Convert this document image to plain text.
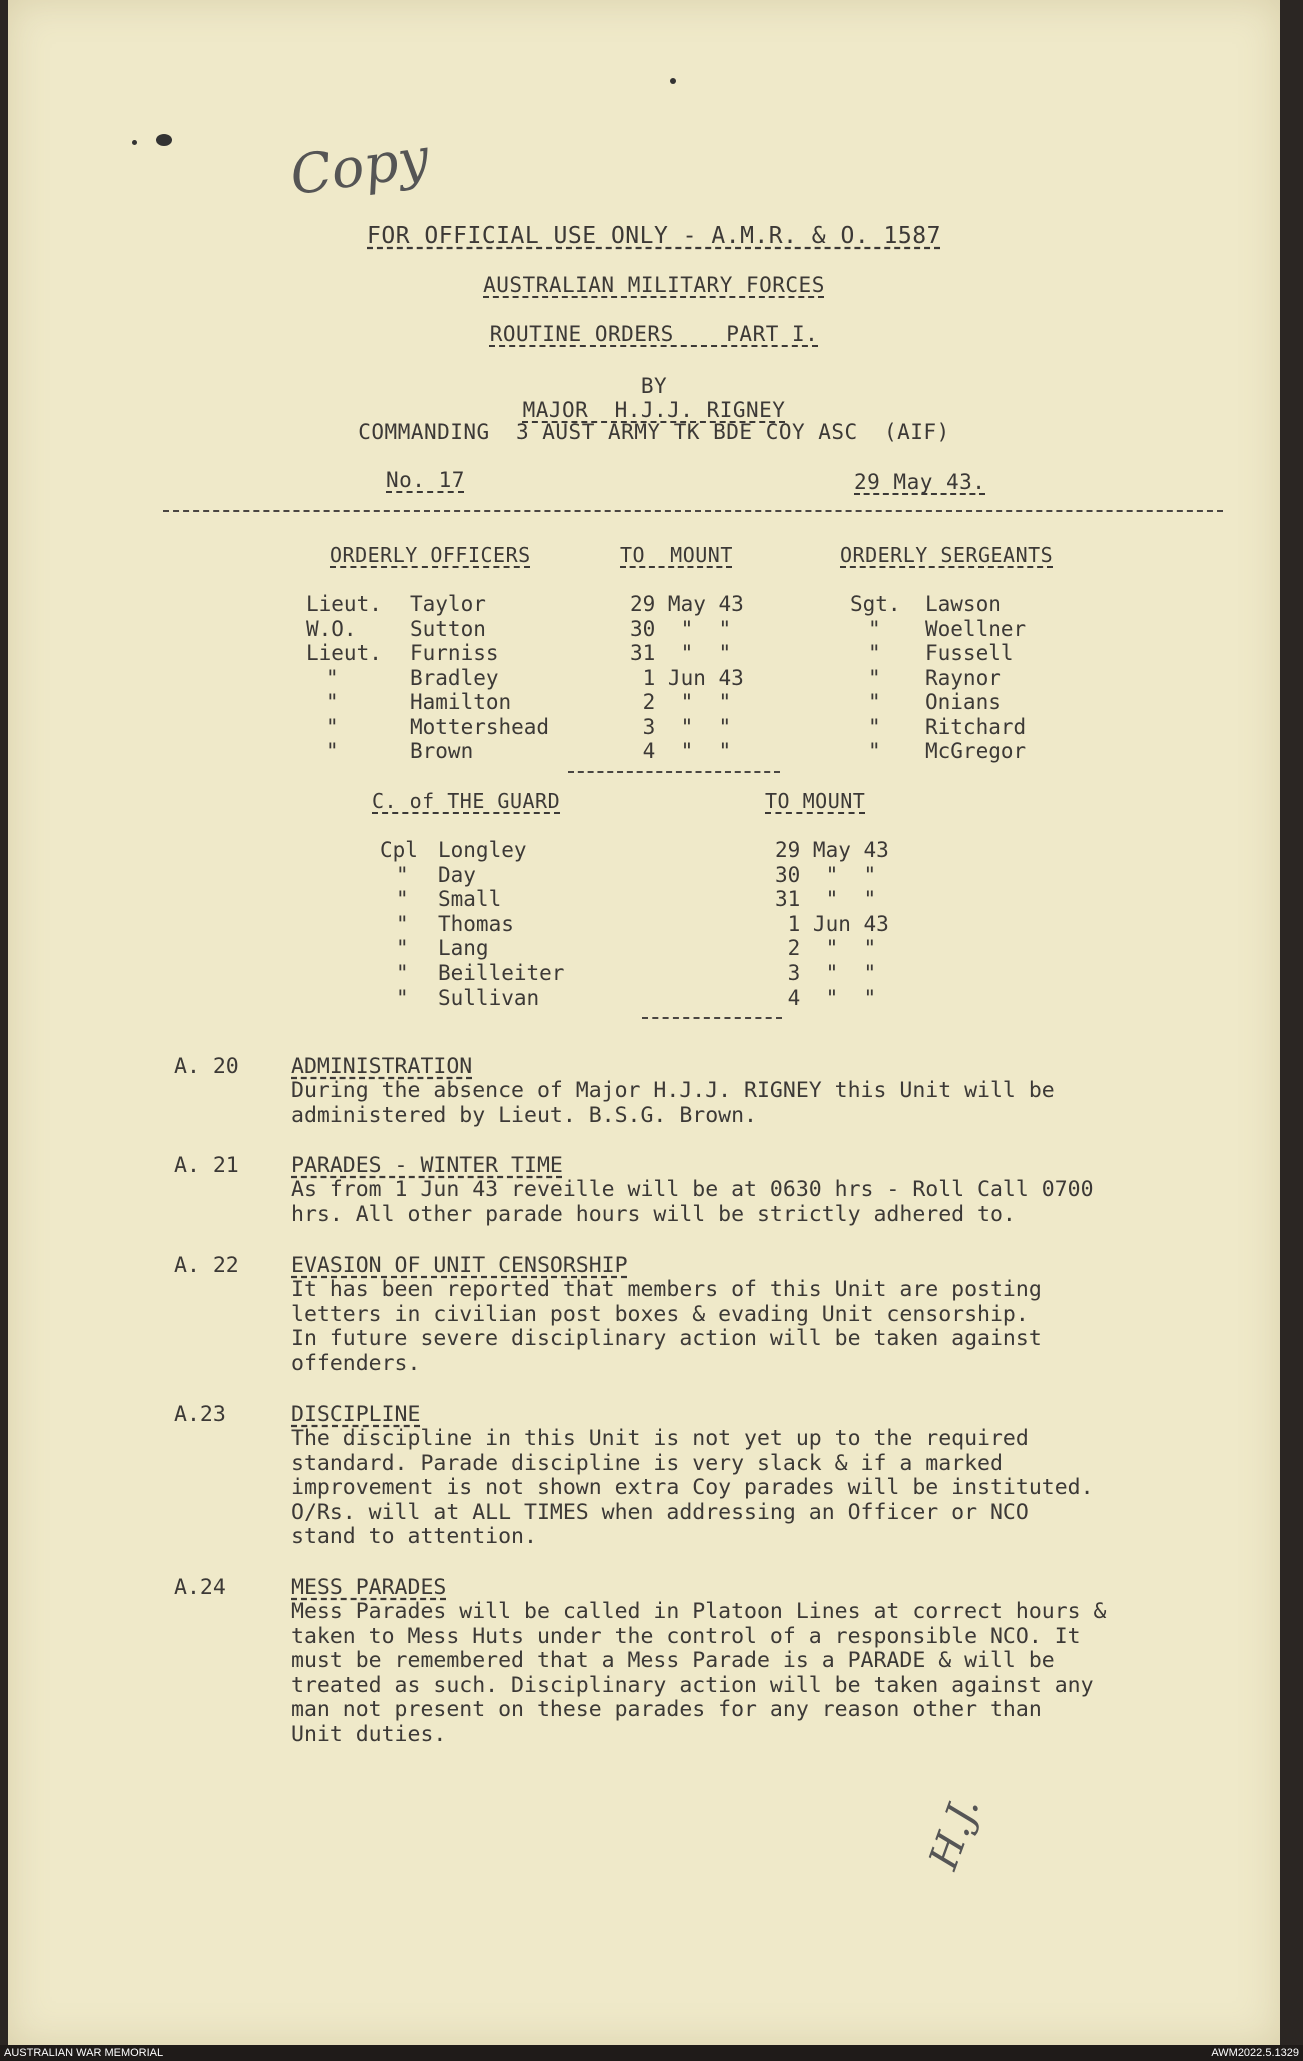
Copy
FOR OFFICIAL USE ONLY - A.M.R. & O. 1587
AUSTRALIAN MILITARY FORCES
ROUTINE ORDERS    PART I.
BY
MAJOR  H.J.J. RIGNEY
COMMANDING  3 AUST ARMY TK BDE COY ASC  (AIF)
No. 17	29 May 43.
ORDERLY OFFICERS	TO  MOUNT	ORDERLY SERGEANTS
C. of THE GUARD	TO MOUNT
H.J.
Lieut. Taylor	29 May 43	Sgt. Lawson
W.O.	Sutton	30  "  "	" Woellner
Lieut. Furniss	31  "  "	" Fussell
"	Bradley	1 Jun 43	" Raynor
"	Hamilton	2  "  "	" Onians
"	Mottershead	3  "  "	" Ritchard
"	Brown	4  "  "	" McGregor
Cpl Longley	29 May 43
" Day	30  "  "
" Small	31  "  "
" Thomas	1 Jun 43
" Lang	2  "  "
" Beilleiter	3  "  "
" Sullivan	4  "  "
A. 20 ADMINISTRATION
During the absence of Major H.J.J. RIGNEY this Unit will be
administered by Lieut. B.S.G. Brown.
A. 21 PARADES - WINTER TIME
As from 1 Jun 43 reveille will be at 0630 hrs - Roll Call 0700
hrs. All other parade hours will be strictly adhered to.
A. 22 EVASION OF UNIT CENSORSHIP
It has been reported that members of this Unit are posting
letters in civilian post boxes & evading Unit censorship.
In future severe disciplinary action will be taken against
offenders.
A.23	DISCIPLINE
The discipline in this Unit is not yet up to the required
standard. Parade discipline is very slack & if a marked
improvement is not shown extra Coy parades will be instituted.
O/Rs. will at ALL TIMES when addressing an Officer or NCO
stand to attention.
A.24	MESS PARADES
Mess Parades will be called in Platoon Lines at correct hours &
taken to Mess Huts under the control of a responsible NCO. It
must be remembered that a Mess Parade is a PARADE & will be
treated as such. Disciplinary action will be taken against any
man not present on these parades for any reason other than
Unit duties.
AUSTRALIAN WAR MEMORIAL	AWM2022.5.1329
